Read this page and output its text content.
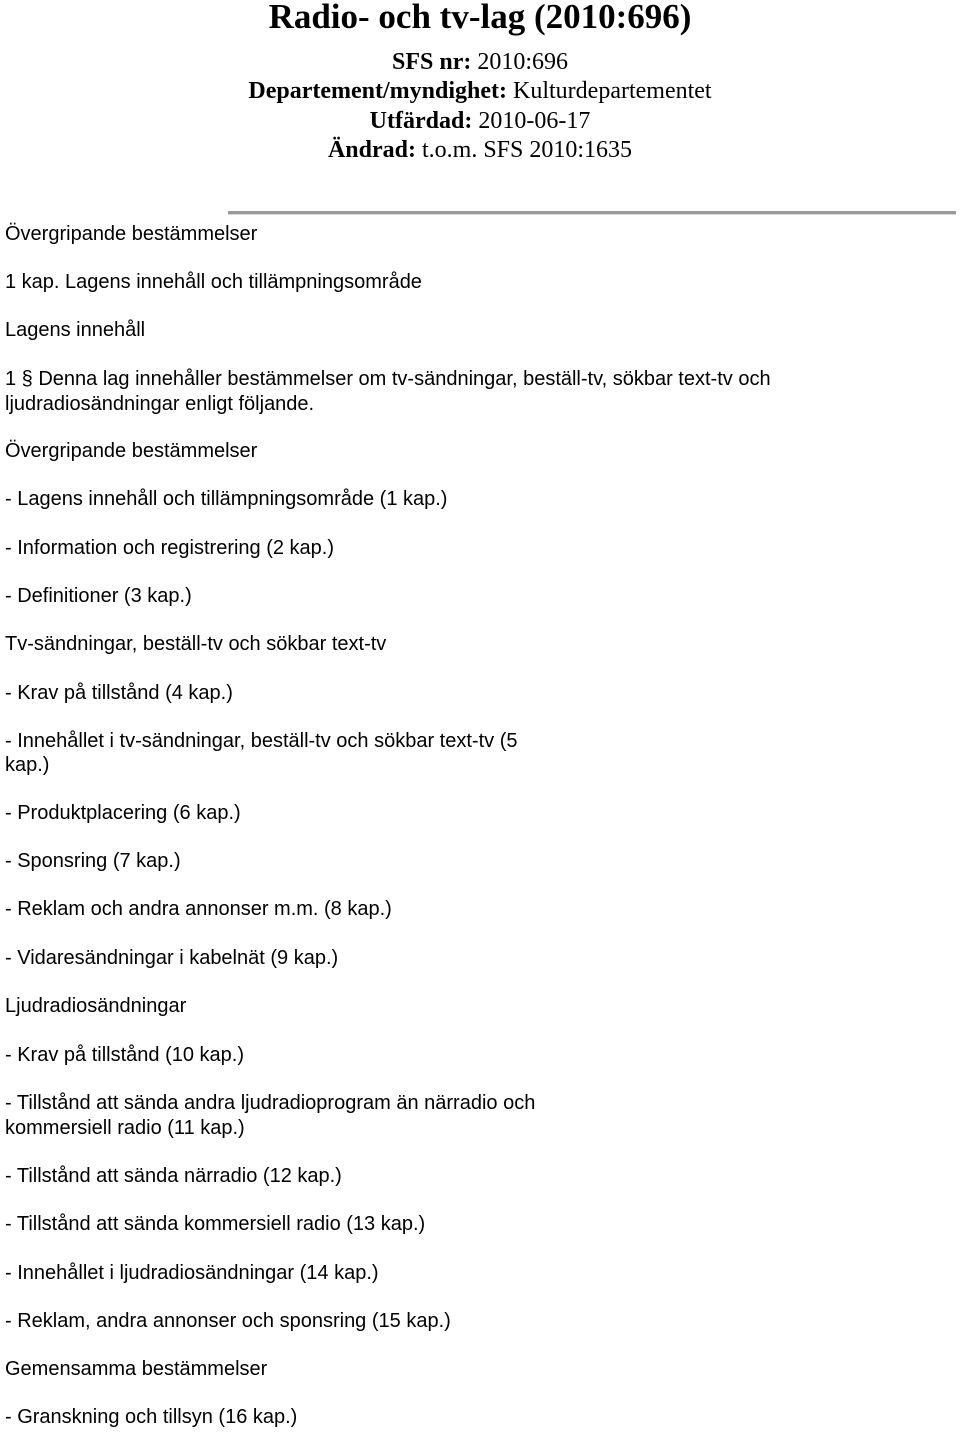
Radio- och tv-lag (2010:696)
SFS nr: 2010:696
Departement/myndighet: Kulturdepartementet
Utfärdad: 2010-06-17
Ändrad: t.o.m. SFS 2010:1635

Övergripande bestämmelser

1 kap. Lagens innehåll och tillämpningsområde

Lagens innehåll

1 § Denna lag innehåller bestämmelser om tv-sändningar, beställ-tv, sökbar text-tv och

ljudradiosändningar enligt följande.

Övergripande bestämmelser

- Lagens innehåll och tillämpningsområde (1 kap.)

- Information och registrering (2 kap.)

- Definitioner (3 kap.)

Tv-sändningar, beställ-tv och sökbar text-tv

- Krav på tillstånd (4 kap.)

- Innehållet i tv-sändningar, beställ-tv och sökbar text-tv (5

kap.)

- Produktplacering (6 kap.)

- Sponsring (7 kap.)

- Reklam och andra annonser m.m. (8 kap.)

- Vidaresändningar i kabelnät (9 kap.)

Ljudradiosändningar

- Krav på tillstånd (10 kap.)

- Tillstånd att sända andra ljudradioprogram än närradio och

kommersiell radio (11 kap.)

- Tillstånd att sända närradio (12 kap.)

- Tillstånd att sända kommersiell radio (13 kap.)

- Innehållet i ljudradiosändningar (14 kap.)

- Reklam, andra annonser och sponsring (15 kap.)

Gemensamma bestämmelser

- Granskning och tillsyn (16 kap.)
